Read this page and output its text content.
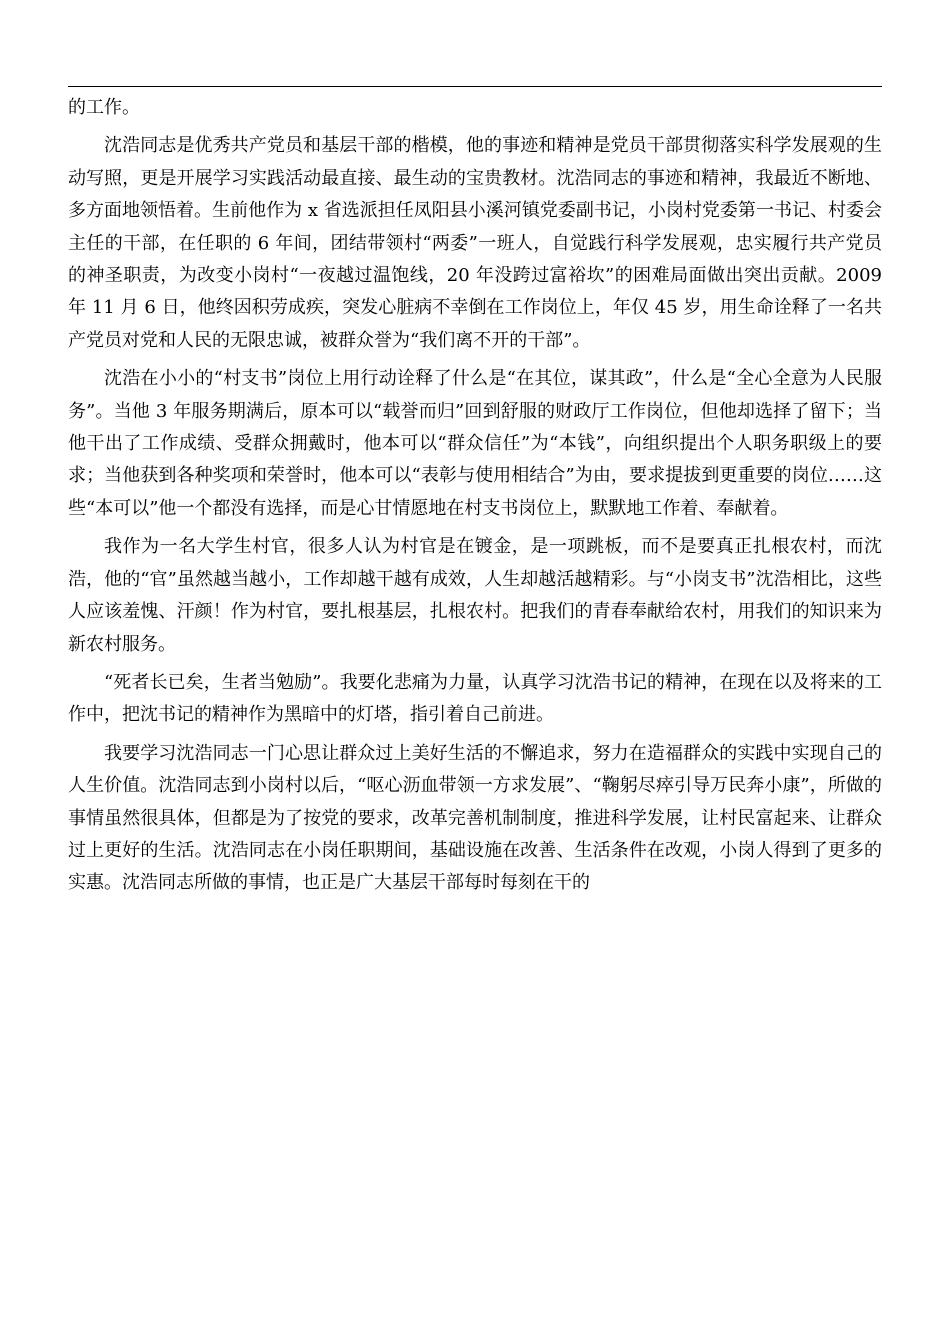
的工作。

沈浩同志是优秀共产党员和基层干部的楷模，他的事迹和精神是党员干部贯彻落实科学发展观的生动写照，更是开展学习实践活动最直接、最生动的宝贵教材。沈浩同志的事迹和精神，我最近不断地、多方面地领悟着。生前他作为 x 省选派担任凤阳县小溪河镇党委副书记，小岗村党委第一书记、村委会主任的干部，在任职的 6 年间，团结带领村“两委”一班人，自觉践行科学发展观，忠实履行共产党员的神圣职责，为改变小岗村“一夜越过温饱线，20 年没跨过富裕坎”的困难局面做出突出贡献。2009 年 11 月 6 日，他终因积劳成疾，突发心脏病不幸倒在工作岗位上，年仅 45 岁，用生命诠释了一名共产党员对党和人民的无限忠诚，被群众誉为“我们离不开的干部”。

沈浩在小小的“村支书”岗位上用行动诠释了什么是“在其位，谋其政”，什么是“全心全意为人民服务”。当他 3 年服务期满后，原本可以“载誉而归”回到舒服的财政厅工作岗位，但他却选择了留下；当他干出了工作成绩、受群众拥戴时，他本可以“群众信任”为“本钱”，向组织提出个人职务职级上的要求；当他获到各种奖项和荣誉时，他本可以“表彰与使用相结合”为由，要求提拔到更重要的岗位……这些“本可以”他一个都没有选择，而是心甘情愿地在村支书岗位上，默默地工作着、奉献着。

我作为一名大学生村官，很多人认为村官是在镀金，是一项跳板，而不是要真正扎根农村，而沈浩，他的“官”虽然越当越小，工作却越干越有成效，人生却越活越精彩。与“小岗支书”沈浩相比，这些人应该羞愧、汗颜！作为村官，要扎根基层，扎根农村。把我们的青春奉献给农村，用我们的知识来为新农村服务。

“死者长已矣，生者当勉励”。我要化悲痛为力量，认真学习沈浩书记的精神，在现在以及将来的工作中，把沈书记的精神作为黑暗中的灯塔，指引着自己前进。

我要学习沈浩同志一门心思让群众过上美好生活的不懈追求，努力在造福群众的实践中实现自己的人生价值。沈浩同志到小岗村以后，“呕心沥血带领一方求发展”、“鞠躬尽瘁引导万民奔小康”，所做的事情虽然很具体，但都是为了按党的要求，改革完善机制制度，推进科学发展，让村民富起来、让群众过上更好的生活。沈浩同志在小岗任职期间，基础设施在改善、生活条件在改观，小岗人得到了更多的实惠。沈浩同志所做的事情，也正是广大基层干部每时每刻在干的
